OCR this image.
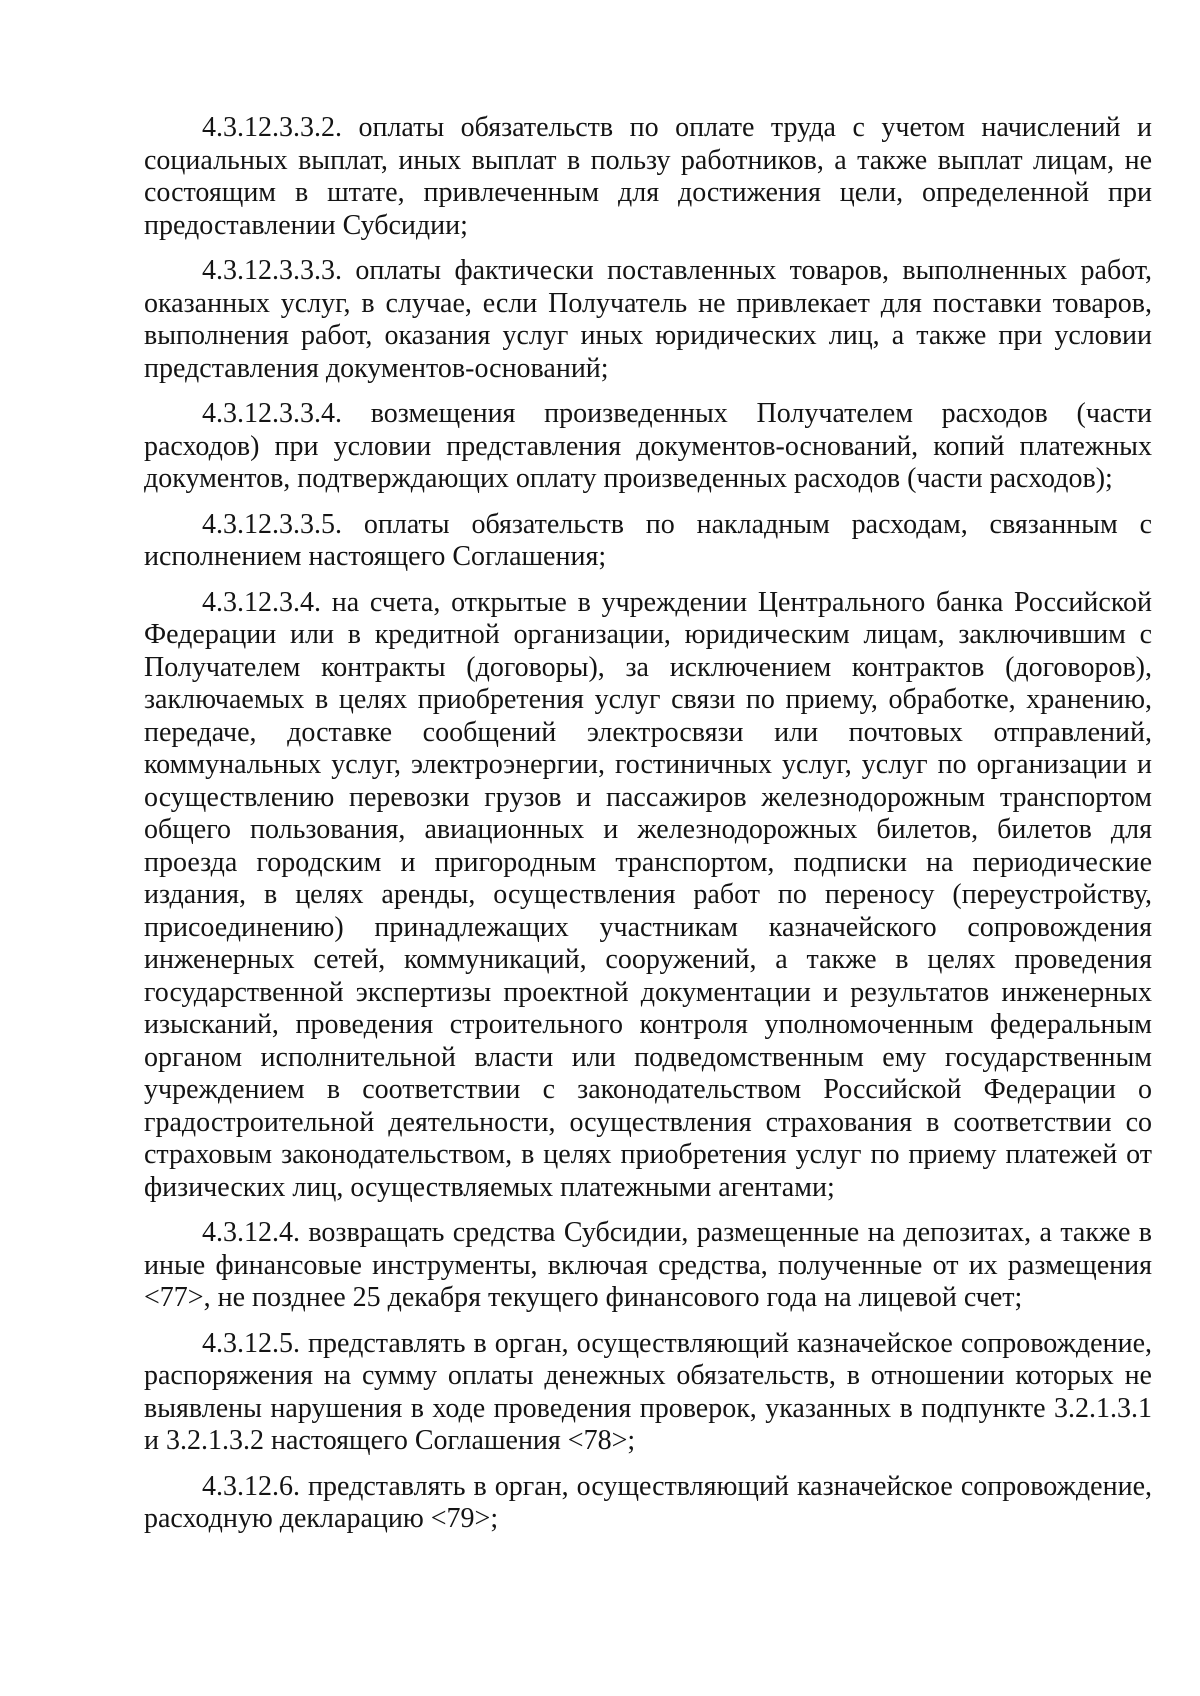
4.3.12.3.3.2. оплаты обязательств по оплате труда с учетом начислений и социальных выплат, иных выплат в пользу работников, а также выплат лицам, не состоящим в штате, привлеченным для достижения цели, определенной при предоставлении Субсидии;

4.3.12.3.3.3. оплаты фактически поставленных товаров, выполненных работ, оказанных услуг, в случае, если Получатель не привлекает для поставки товаров, выполнения работ, оказания услуг иных юридических лиц, а также при условии представления документов-оснований;

4.3.12.3.3.4. возмещения произведенных Получателем расходов (части расходов) при условии представления документов-оснований, копий платежных документов, подтверждающих оплату произведенных расходов (части расходов);

4.3.12.3.3.5. оплаты обязательств по накладным расходам, связанным с исполнением настоящего Соглашения;

4.3.12.3.4. на счета, открытые в учреждении Центрального банка Российской Федерации или в кредитной организации, юридическим лицам, заключившим с Получателем контракты (договоры), за исключением контрактов (договоров), заключаемых в целях приобретения услуг связи по приему, обработке, хранению, передаче, доставке сообщений электросвязи или почтовых отправлений, коммунальных услуг, электроэнергии, гостиничных услуг, услуг по организации и осуществлению перевозки грузов и пассажиров железнодорожным транспортом общего пользования, авиационных и железнодорожных билетов, билетов для проезда городским и пригородным транспортом, подписки на периодические издания, в целях аренды, осуществления работ по переносу (переустройству, присоединению) принадлежащих участникам казначейского сопровождения инженерных сетей, коммуникаций, сооружений, а также в целях проведения государственной экспертизы проектной документации и результатов инженерных изысканий, проведения строительного контроля уполномоченным федеральным органом исполнительной власти или подведомственным ему государственным учреждением в соответствии с законодательством Российской Федерации о градостроительной деятельности, осуществления страхования в соответствии со страховым законодательством, в целях приобретения услуг по приему платежей от физических лиц, осуществляемых платежными агентами;

4.3.12.4. возвращать средства Субсидии, размещенные на депозитах, а также в иные финансовые инструменты, включая средства, полученные от их размещения <77>, не позднее 25 декабря текущего финансового года на лицевой счет;

4.3.12.5. представлять в орган, осуществляющий казначейское сопровождение, распоряжения на сумму оплаты денежных обязательств, в отношении которых не выявлены нарушения в ходе проведения проверок, указанных в подпункте 3.2.1.3.1 и 3.2.1.3.2 настоящего Соглашения <78>;

4.3.12.6. представлять в орган, осуществляющий казначейское сопровождение, расходную декларацию <79>;
